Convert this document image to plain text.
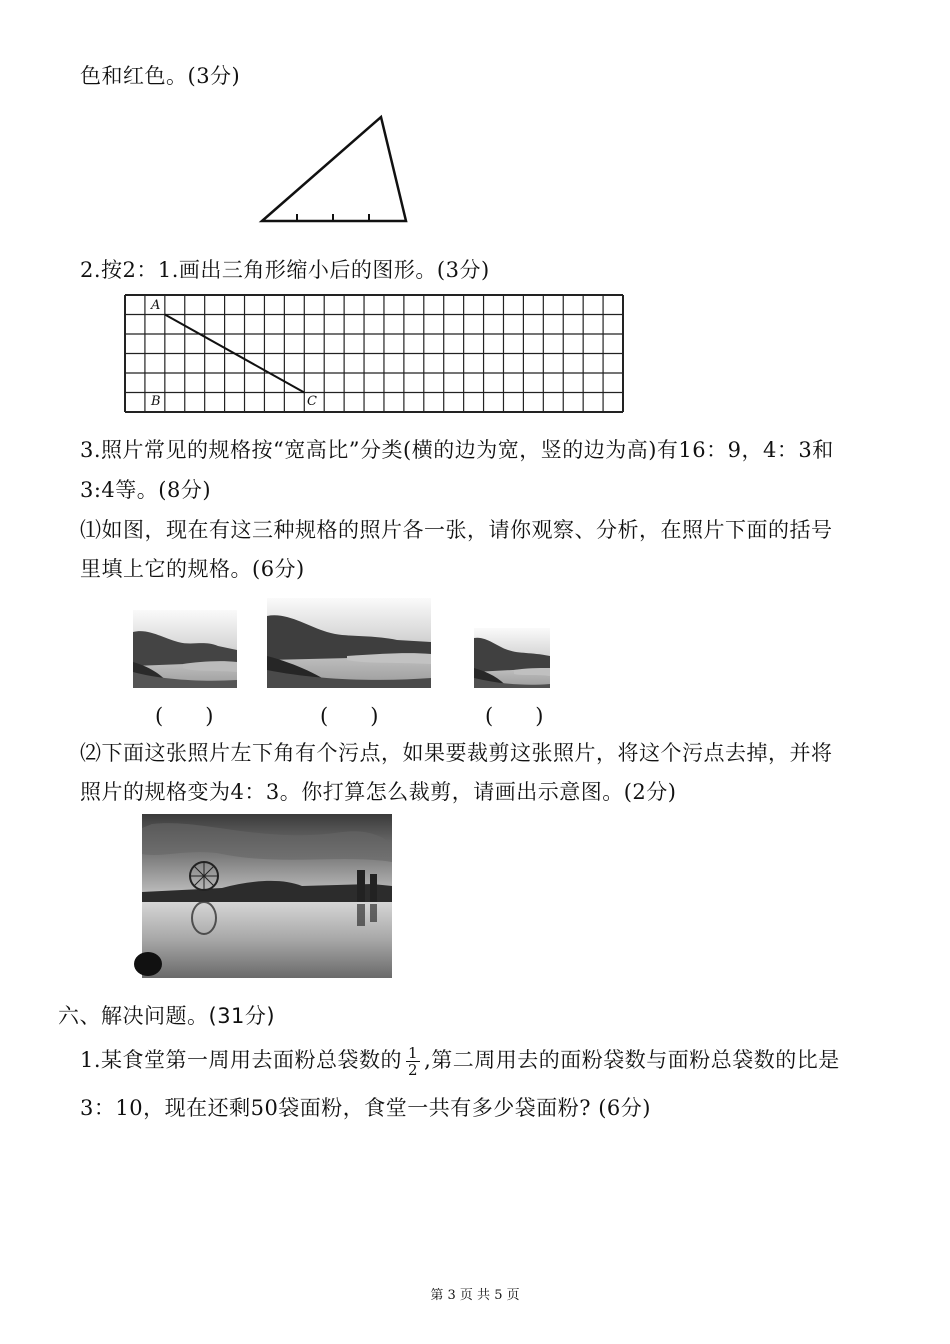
色和红色。(3分)
2.按2：1.画出三角形缩小后的图形。(3分)
A
B	C
3.照片常见的规格按“宽高比”分类(横的边为宽，竖的边为高)有16：9，4：3和
3:4等。(8分)
⑴如图，现在有这三种规格的照片各一张，请你观察、分析，在照片下面的括号
里填上它的规格。(6分)
(　　)	(　　)	(　　)
⑵下面这张照片左下角有个污点，如果要裁剪这张照片，将这个污点去掉，并将
照片的规格变为4：3。你打算怎么裁剪，请画出示意图。(2分)
六、解决问题。(31分)
1.某食堂第一周用去面粉总袋数的 $\frac{1}{2}$ ,第二周用去的面粉袋数与面粉总袋数的比是
3：10，现在还剩50袋面粉，食堂一共有多少袋面粉? (6分)
第 3 页 共 5 页
